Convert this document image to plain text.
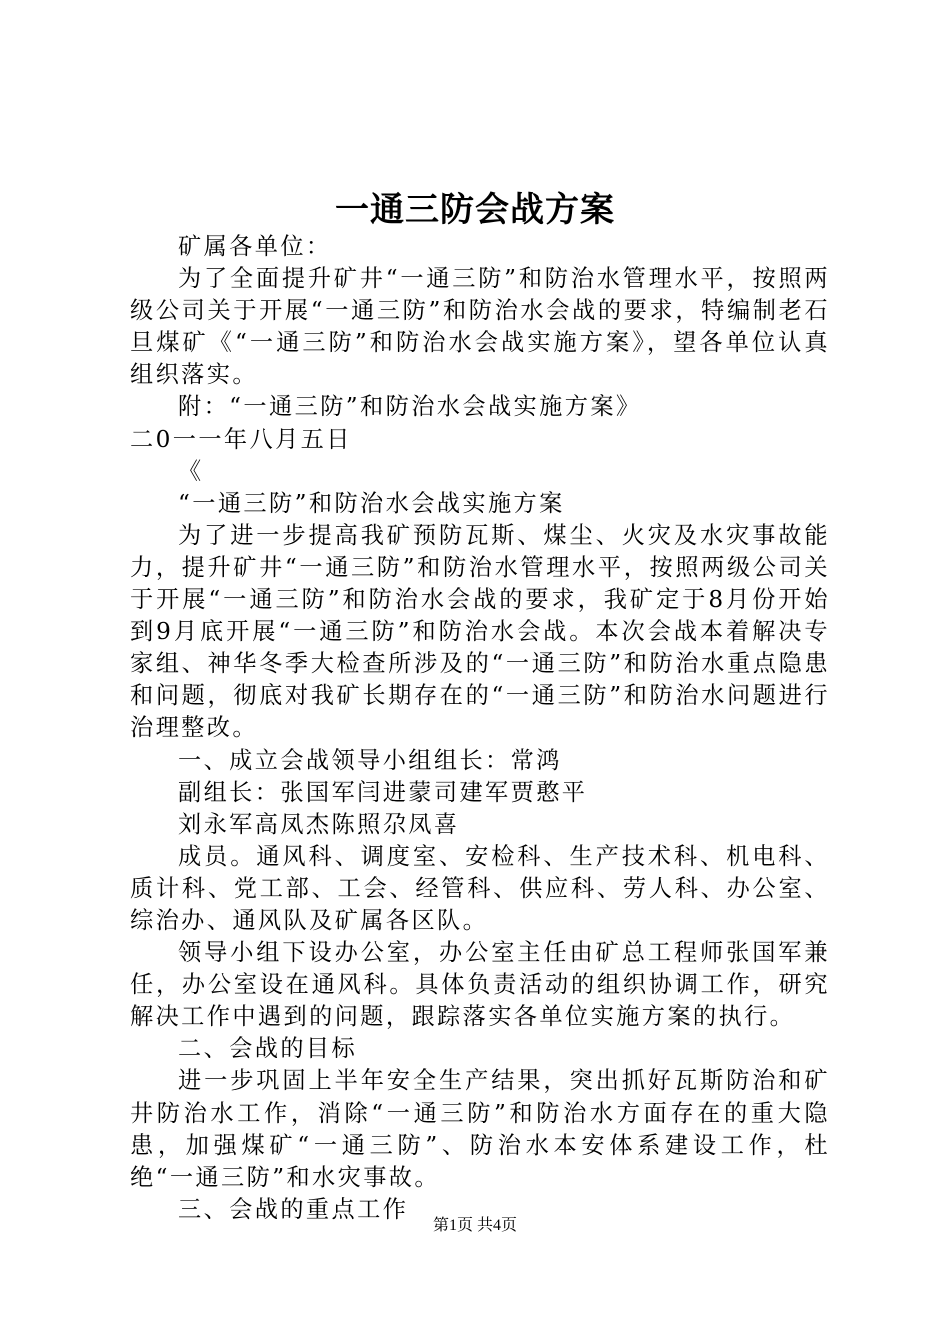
一通三防会战方案

矿属各单位：

为了全面提升矿井“一通三防”和防治水管理水平，按照两级公司关于开展“一通三防”和防治水会战的要求，特编制老石旦煤矿《“一通三防”和防治水会战实施方案》，望各单位认真组织落实。

附：“一通三防”和防治水会战实施方案》

二0一一年八月五日

《

“一通三防”和防治水会战实施方案

为了进一步提高我矿预防瓦斯、煤尘、火灾及水灾事故能力，提升矿井“一通三防”和防治水管理水平，按照两级公司关于开展“一通三防”和防治水会战的要求，我矿定于8月份开始到9月底开展“一通三防”和防治水会战。本次会战本着解决专家组、神华冬季大检查所涉及的“一通三防”和防治水重点隐患和问题，彻底对我矿长期存在的“一通三防”和防治水问题进行治理整改。

一、成立会战领导小组组长：常鸿

副组长：张国军闫进蒙司建军贾憨平

刘永军高凤杰陈照尕凤喜

成员。通风科、调度室、安检科、生产技术科、机电科、质计科、党工部、工会、经管科、供应科、劳人科、办公室、综治办、通风队及矿属各区队。

领导小组下设办公室，办公室主任由矿总工程师张国军兼任，办公室设在通风科。具体负责活动的组织协调工作，研究解决工作中遇到的问题，跟踪落实各单位实施方案的执行。

二、会战的目标

进一步巩固上半年安全生产结果，突出抓好瓦斯防治和矿井防治水工作，消除“一通三防”和防治水方面存在的重大隐患，加强煤矿“一通三防”、防治水本安体系建设工作，杜绝“一通三防”和水灾事故。

三、会战的重点工作

第1页 共4页
